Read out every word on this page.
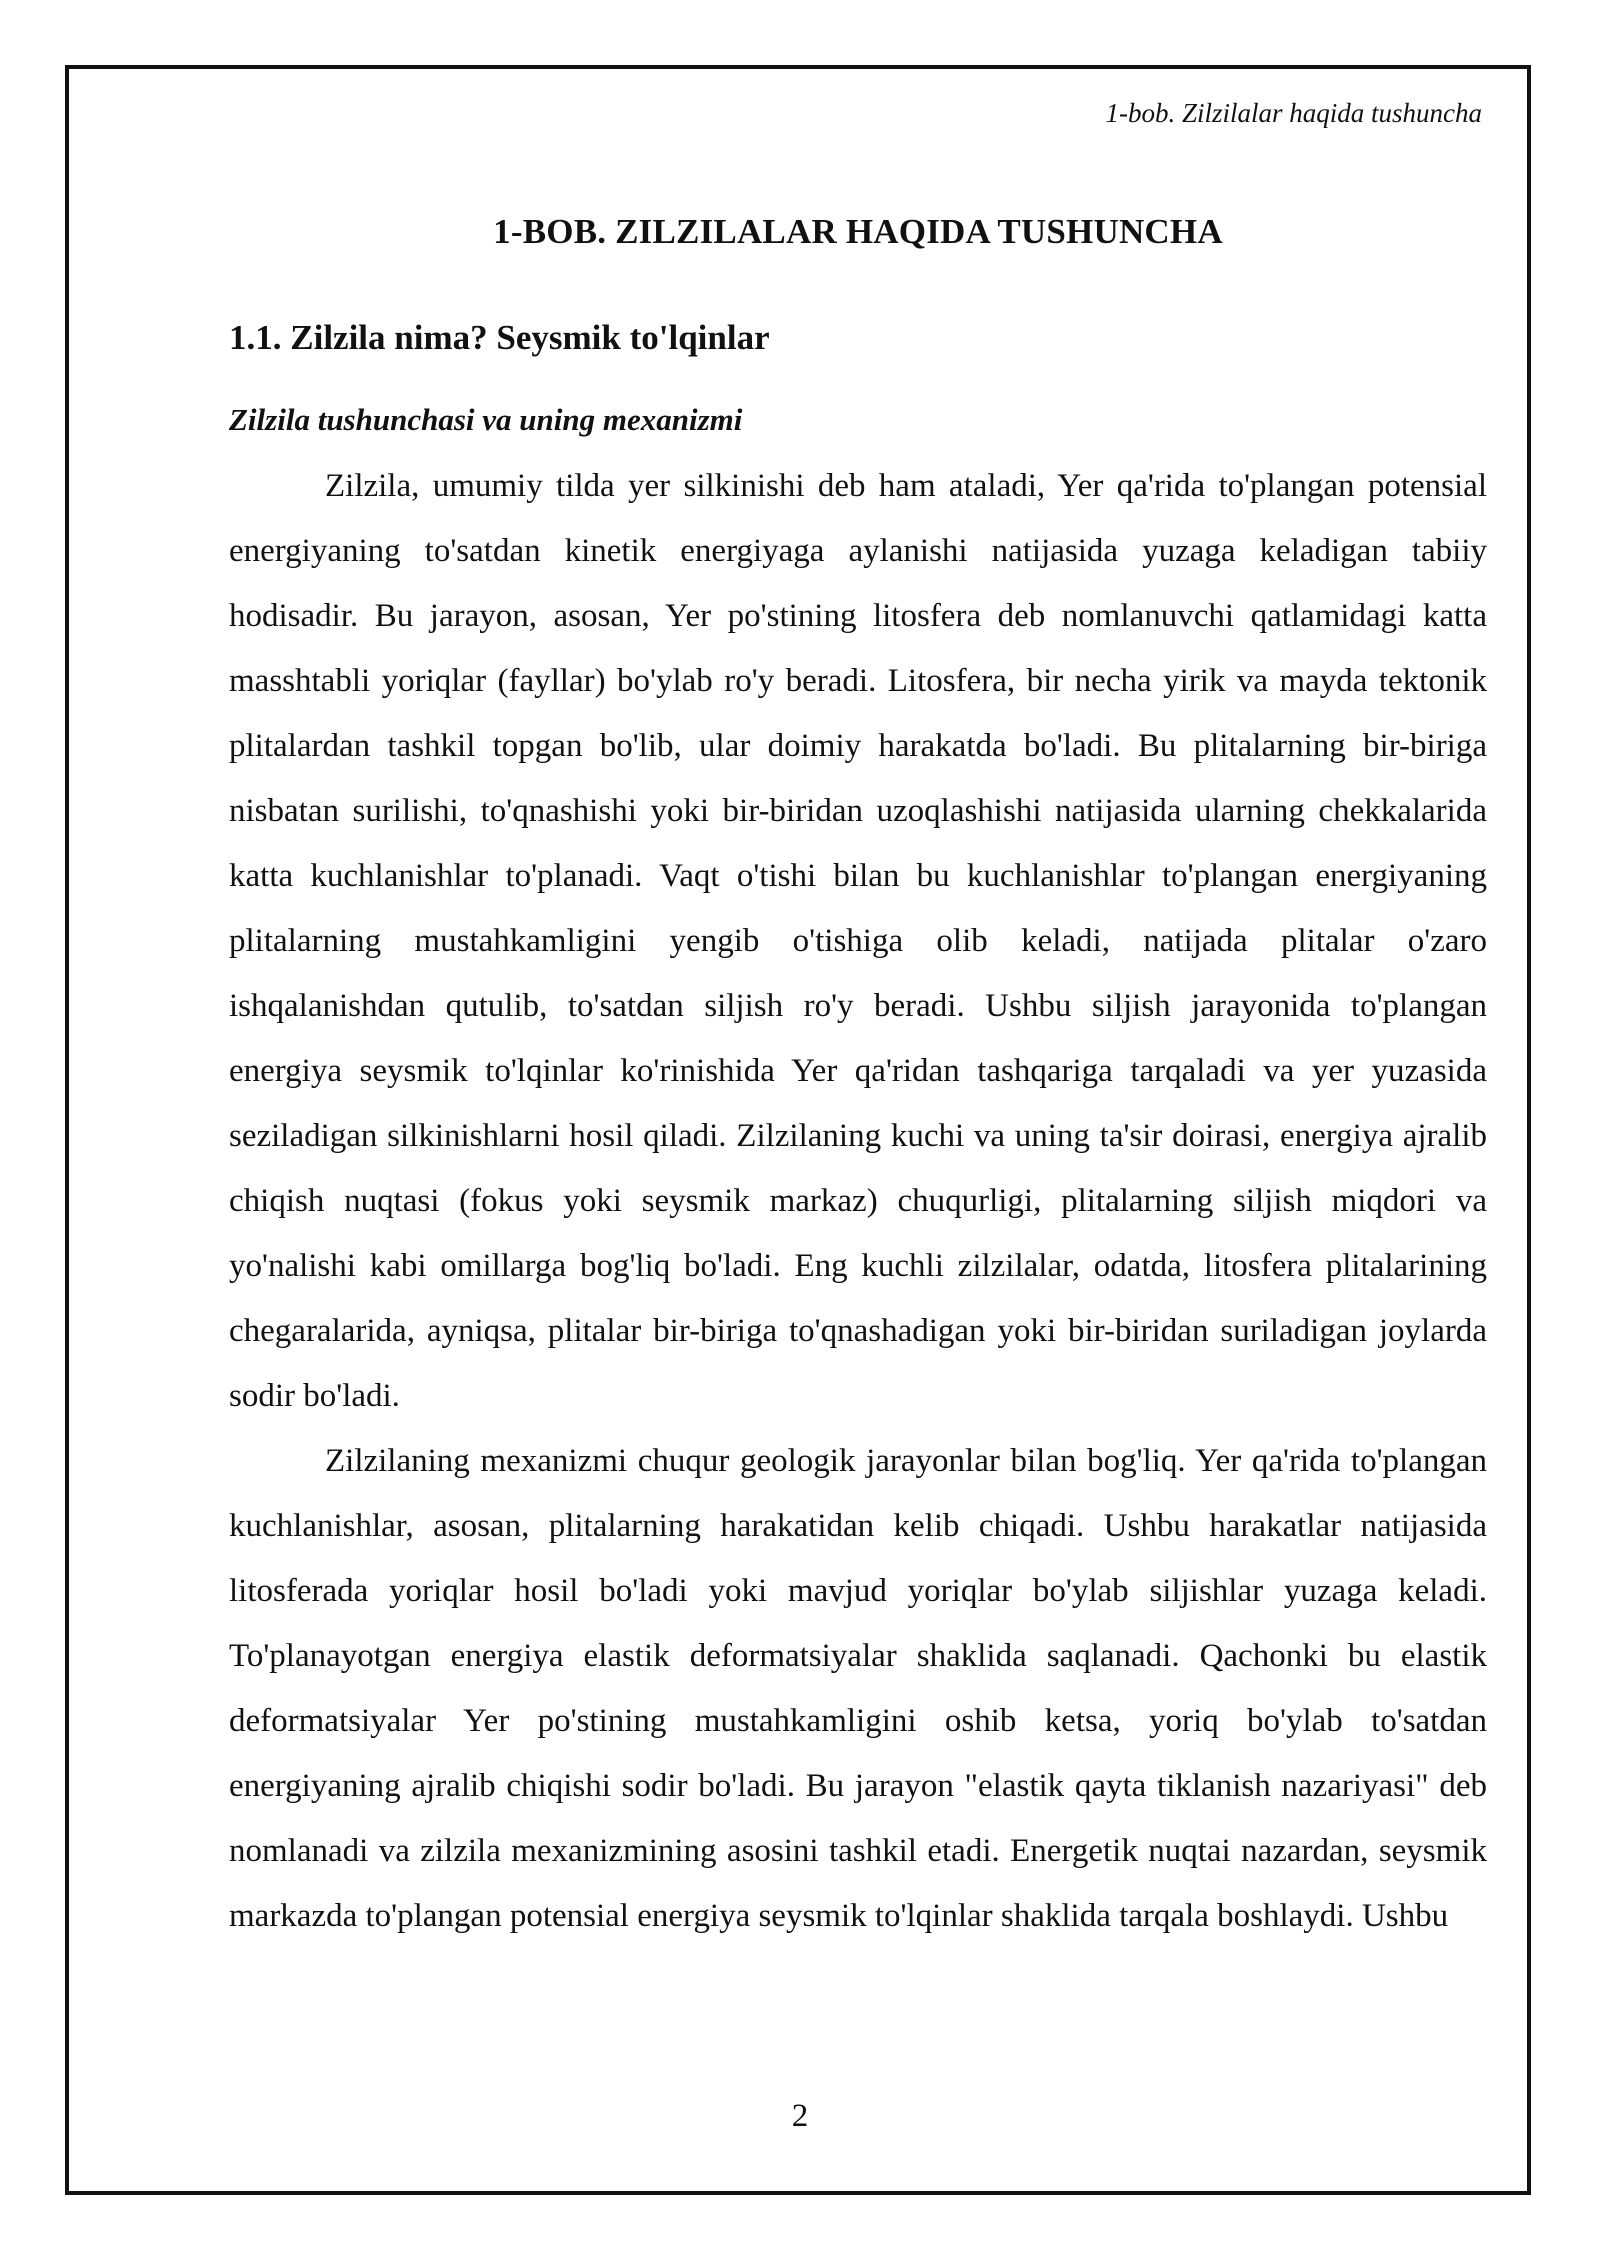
1-bob. Zilzilalar haqida tushuncha

1-BOB. ZILZILALAR HAQIDA TUSHUNCHA
1.1. Zilzila nima? Seysmik to'lqinlar
Zilzila tushunchasi va uning mexanizmi

Zilzila, umumiy tilda yer silkinishi deb ham ataladi, Yer qa'rida to'plangan potensial energiyaning to'satdan kinetik energiyaga aylanishi natijasida yuzaga keladigan tabiiy hodisadir. Bu jarayon, asosan, Yer po'stining litosfera deb nomlanuvchi qatlamidagi katta masshtabli yoriqlar (fayllar) bo'ylab ro'y beradi. Litosfera, bir necha yirik va mayda tektonik plitalardan tashkil topgan bo'lib, ular doimiy harakatda bo'ladi. Bu plitalarning bir-biriga nisbatan surilishi, to'qnashishi yoki bir-biridan uzoqlashishi natijasida ularning chekkalarida katta kuchlanishlar to'planadi. Vaqt o'tishi bilan bu kuchlanishlar to'plangan energiyaning plitalarning mustahkamligini yengib o'tishiga olib keladi, natijada plitalar o'zaro ishqalanishdan qutulib, to'satdan siljish ro'y beradi. Ushbu siljish jarayonida to'plangan energiya seysmik to'lqinlar ko'rinishida Yer qa'ridan tashqariga tarqaladi va yer yuzasida seziladigan silkinishlarni hosil qiladi. Zilzilaning kuchi va uning ta'sir doirasi, energiya ajralib chiqish nuqtasi (fokus yoki seysmik markaz) chuqurligi, plitalarning siljish miqdori va yo'nalishi kabi omillarga bog'liq bo'ladi. Eng kuchli zilzilalar, odatda, litosfera plitalarining chegaralarida, ayniqsa, plitalar bir-biriga to'qnashadigan yoki bir-biridan suriladigan joylarda sodir bo'ladi.

Zilzilaning mexanizmi chuqur geologik jarayonlar bilan bog'liq. Yer qa'rida to'plangan kuchlanishlar, asosan, plitalarning harakatidan kelib chiqadi. Ushbu harakatlar natijasida litosferada yoriqlar hosil bo'ladi yoki mavjud yoriqlar bo'ylab siljishlar yuzaga keladi. To'planayotgan energiya elastik deformatsiyalar shaklida saqlanadi. Qachonki bu elastik deformatsiyalar Yer po'stining mustahkamligini oshib ketsa, yoriq bo'ylab to'satdan energiyaning ajralib chiqishi sodir bo'ladi. Bu jarayon "elastik qayta tiklanish nazariyasi" deb nomlanadi va zilzila mexanizmining asosini tashkil etadi. Energetik nuqtai nazardan, seysmik markazda to'plangan potensial energiya seysmik to'lqinlar shaklida tarqala boshlaydi. Ushbu

2
